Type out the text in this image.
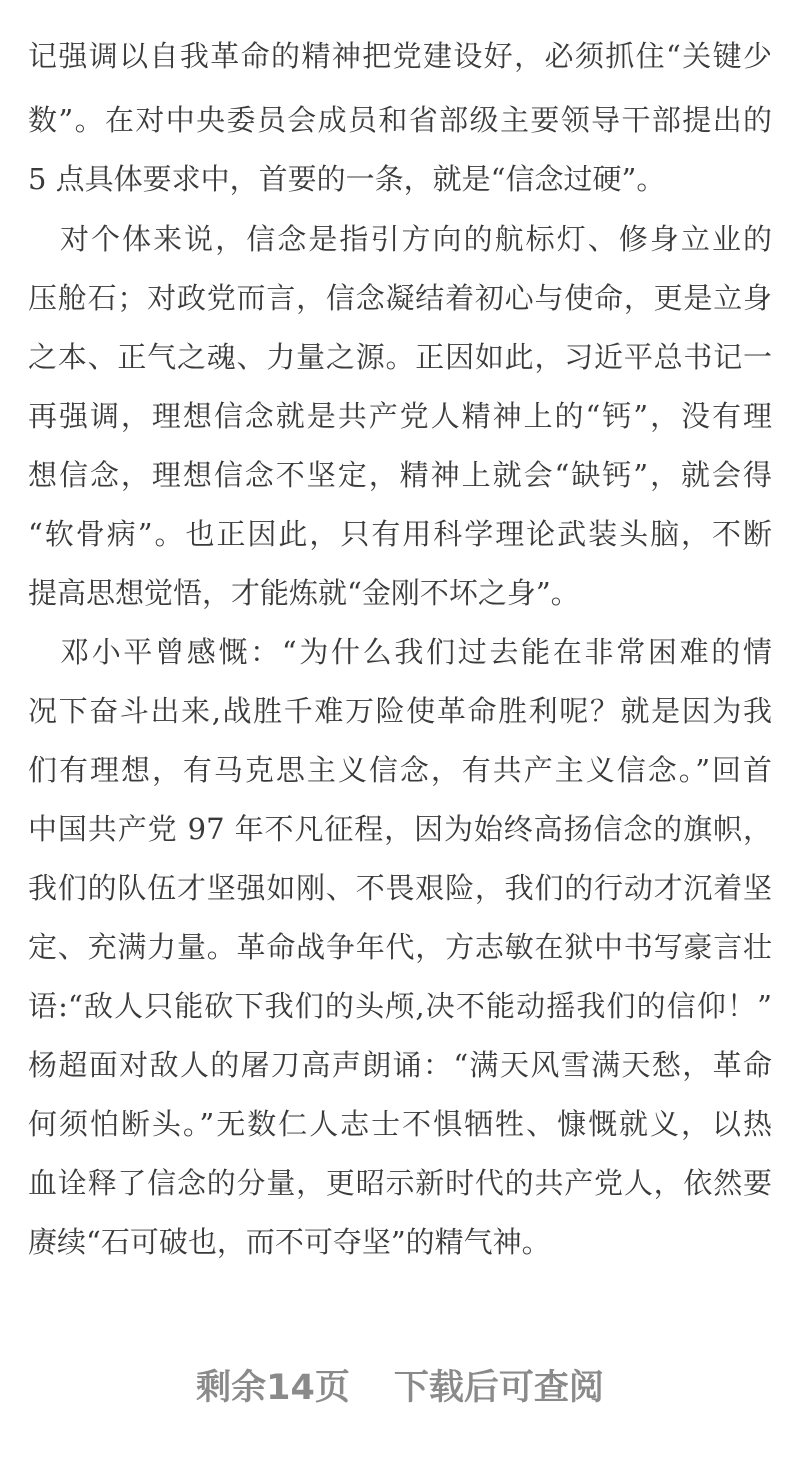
记强调以自我革命的精神把党建设好，必须抓住“关键少
数”。在对中央委员会成员和省部级主要领导干部提出的
5 点具体要求中，首要的一条，就是“信念过硬”。
对个体来说，信念是指引方向的航标灯、修身立业的
压舱石；对政党而言，信念凝结着初心与使命，更是立身
之本、正气之魂、力量之源。正因如此，习近平总书记一
再强调，理想信念就是共产党人精神上的“钙”，没有理
想信念，理想信念不坚定，精神上就会“缺钙”，就会得
“软骨病”。也正因此，只有用科学理论武装头脑，不断
提高思想觉悟，才能炼就“金刚不坏之身”。
邓小平曾感慨：“为什么我们过去能在非常困难的情
况下奋斗出来,战胜千难万险使革命胜利呢？就是因为我
们有理想，有马克思主义信念，有共产主义信念。”回首
中国共产党 97 年不凡征程，因为始终高扬信念的旗帜，
我们的队伍才坚强如刚、不畏艰险，我们的行动才沉着坚
定、充满力量。革命战争年代，方志敏在狱中书写豪言壮
语:“敌人只能砍下我们的头颅,决不能动摇我们的信仰！”
杨超面对敌人的屠刀高声朗诵：“满天风雪满天愁，革命
何须怕断头。”无数仁人志士不惧牺牲、慷慨就义，以热
血诠释了信念的分量，更昭示新时代的共产党人，依然要
赓续“石可破也，而不可夺坚”的精气神。
剩余14页 下载后可查阅
